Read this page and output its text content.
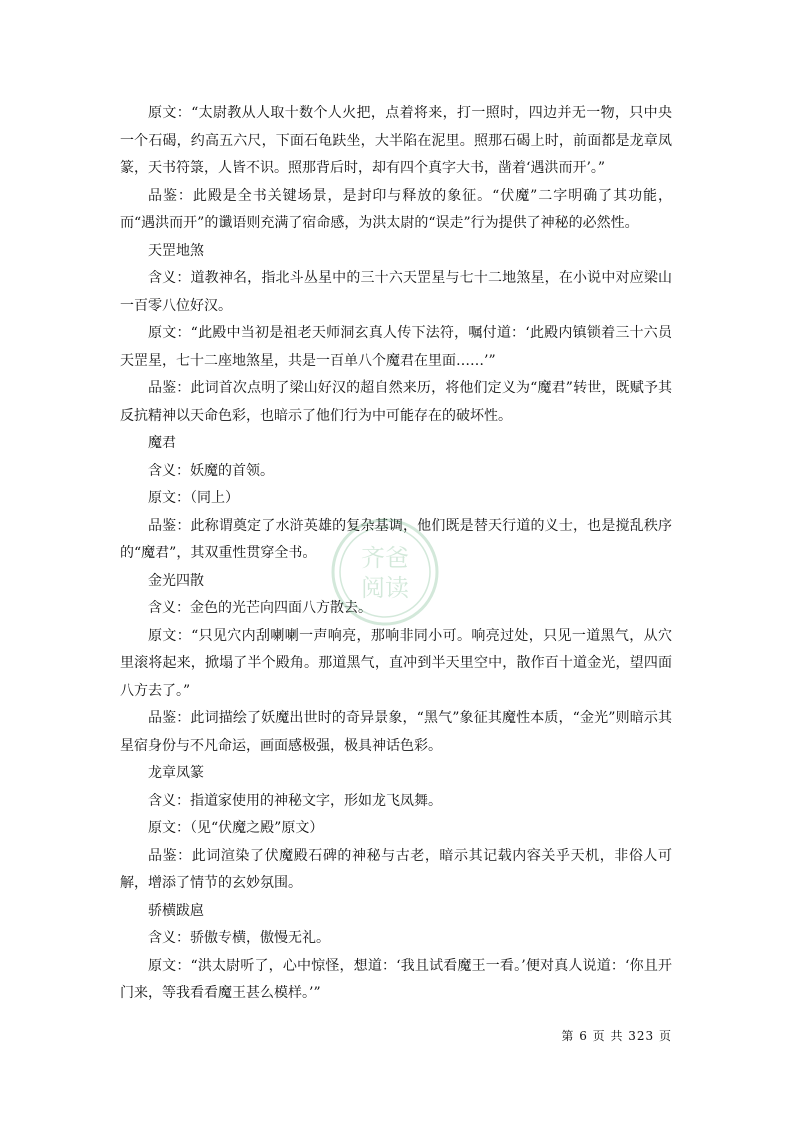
原文：“太尉教从人取十数个人火把，点着将来，打一照时，四边并无一物，只中央一个石碣，约高五六尺，下面石龟趺坐，大半陷在泥里。照那石碣上时，前面都是龙章凤篆，天书符箓，人皆不识。照那背后时，却有四个真字大书，凿着‘遇洪而开’。”

品鉴：此殿是全书关键场景，是封印与释放的象征。“伏魔”二字明确了其功能，而“遇洪而开”的谶语则充满了宿命感，为洪太尉的“误走”行为提供了神秘的必然性。

天罡地煞

含义：道教神名，指北斗丛星中的三十六天罡星与七十二地煞星，在小说中对应梁山一百零八位好汉。

原文：“此殿中当初是祖老天师洞玄真人传下法符，嘱付道：‘此殿内镇锁着三十六员天罡星，七十二座地煞星，共是一百单八个魔君在里面……’”

品鉴：此词首次点明了梁山好汉的超自然来历，将他们定义为“魔君”转世，既赋予其反抗精神以天命色彩，也暗示了他们行为中可能存在的破坏性。

魔君

含义：妖魔的首领。

原文：（同上）

品鉴：此称谓奠定了水浒英雄的复杂基调，他们既是替天行道的义士，也是搅乱秩序的“魔君”，其双重性贯穿全书。

金光四散

含义：金色的光芒向四面八方散去。

原文：“只见穴内刮喇喇一声响亮，那响非同小可。响亮过处，只见一道黑气，从穴里滚将起来，掀塌了半个殿角。那道黑气，直冲到半天里空中，散作百十道金光，望四面八方去了。”

品鉴：此词描绘了妖魔出世时的奇异景象，“黑气”象征其魔性本质，“金光”则暗示其星宿身份与不凡命运，画面感极强，极具神话色彩。

龙章凤篆

含义：指道家使用的神秘文字，形如龙飞凤舞。

原文：（见“伏魔之殿”原文）

品鉴：此词渲染了伏魔殿石碑的神秘与古老，暗示其记载内容关乎天机，非俗人可解，增添了情节的玄妙氛围。

骄横跋扈

含义：骄傲专横，傲慢无礼。

原文：“洪太尉听了，心中惊怪，想道：‘我且试看魔王一看。’便对真人说道：‘你且开门来，等我看看魔王甚么模样。’”

齐爸
阅读
第 6 页 共 323 页
